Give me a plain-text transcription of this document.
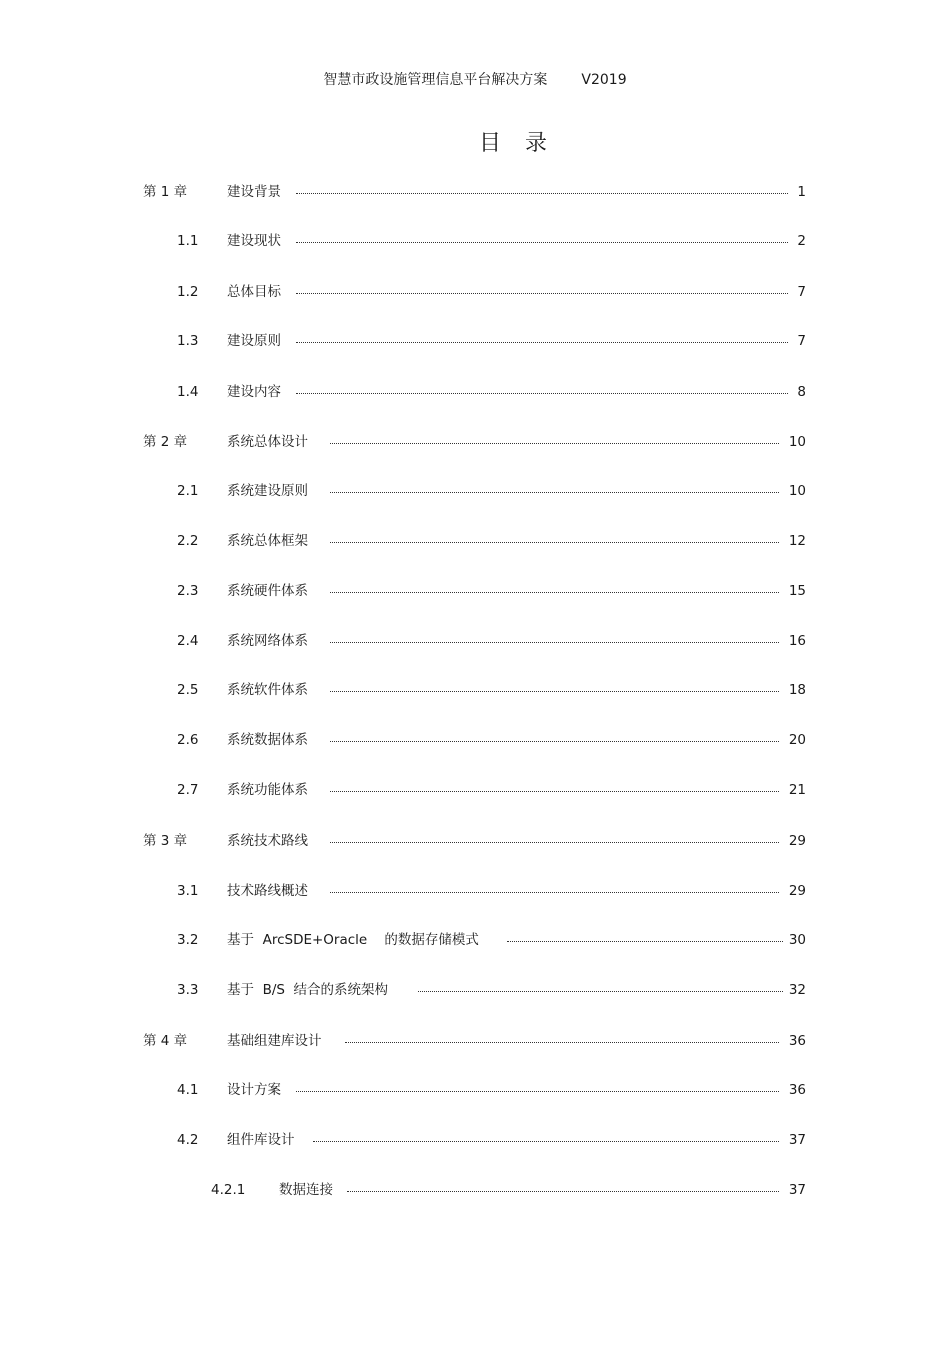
智慧市政设施管理信息平台解决方案 V2019
目 录
第 1 章	建设背景	1
1.1 建设现状	2
1.2 总体目标	7
1.3 建设原则	7
1.4 建设内容	8
第 2 章	系统总体设计	10
2.1 系统建设原则	10
2.2 系统总体框架	12
2.3 系统硬件体系	15
2.4 系统网络体系	16
2.5 系统软件体系	18
2.6 系统数据体系	20
2.7 系统功能体系	21
第 3 章	系统技术路线	29
3.1 技术路线概述	29
3.2 基于  ArcSDE+Oracle    的数据存储模式	30
3.3 基于  B/S  结合的系统架构	32
第 4 章	基础组建库设计	36
4.1 设计方案	36
4.2 组件库设计	37
4.2.1 数据连接	37
